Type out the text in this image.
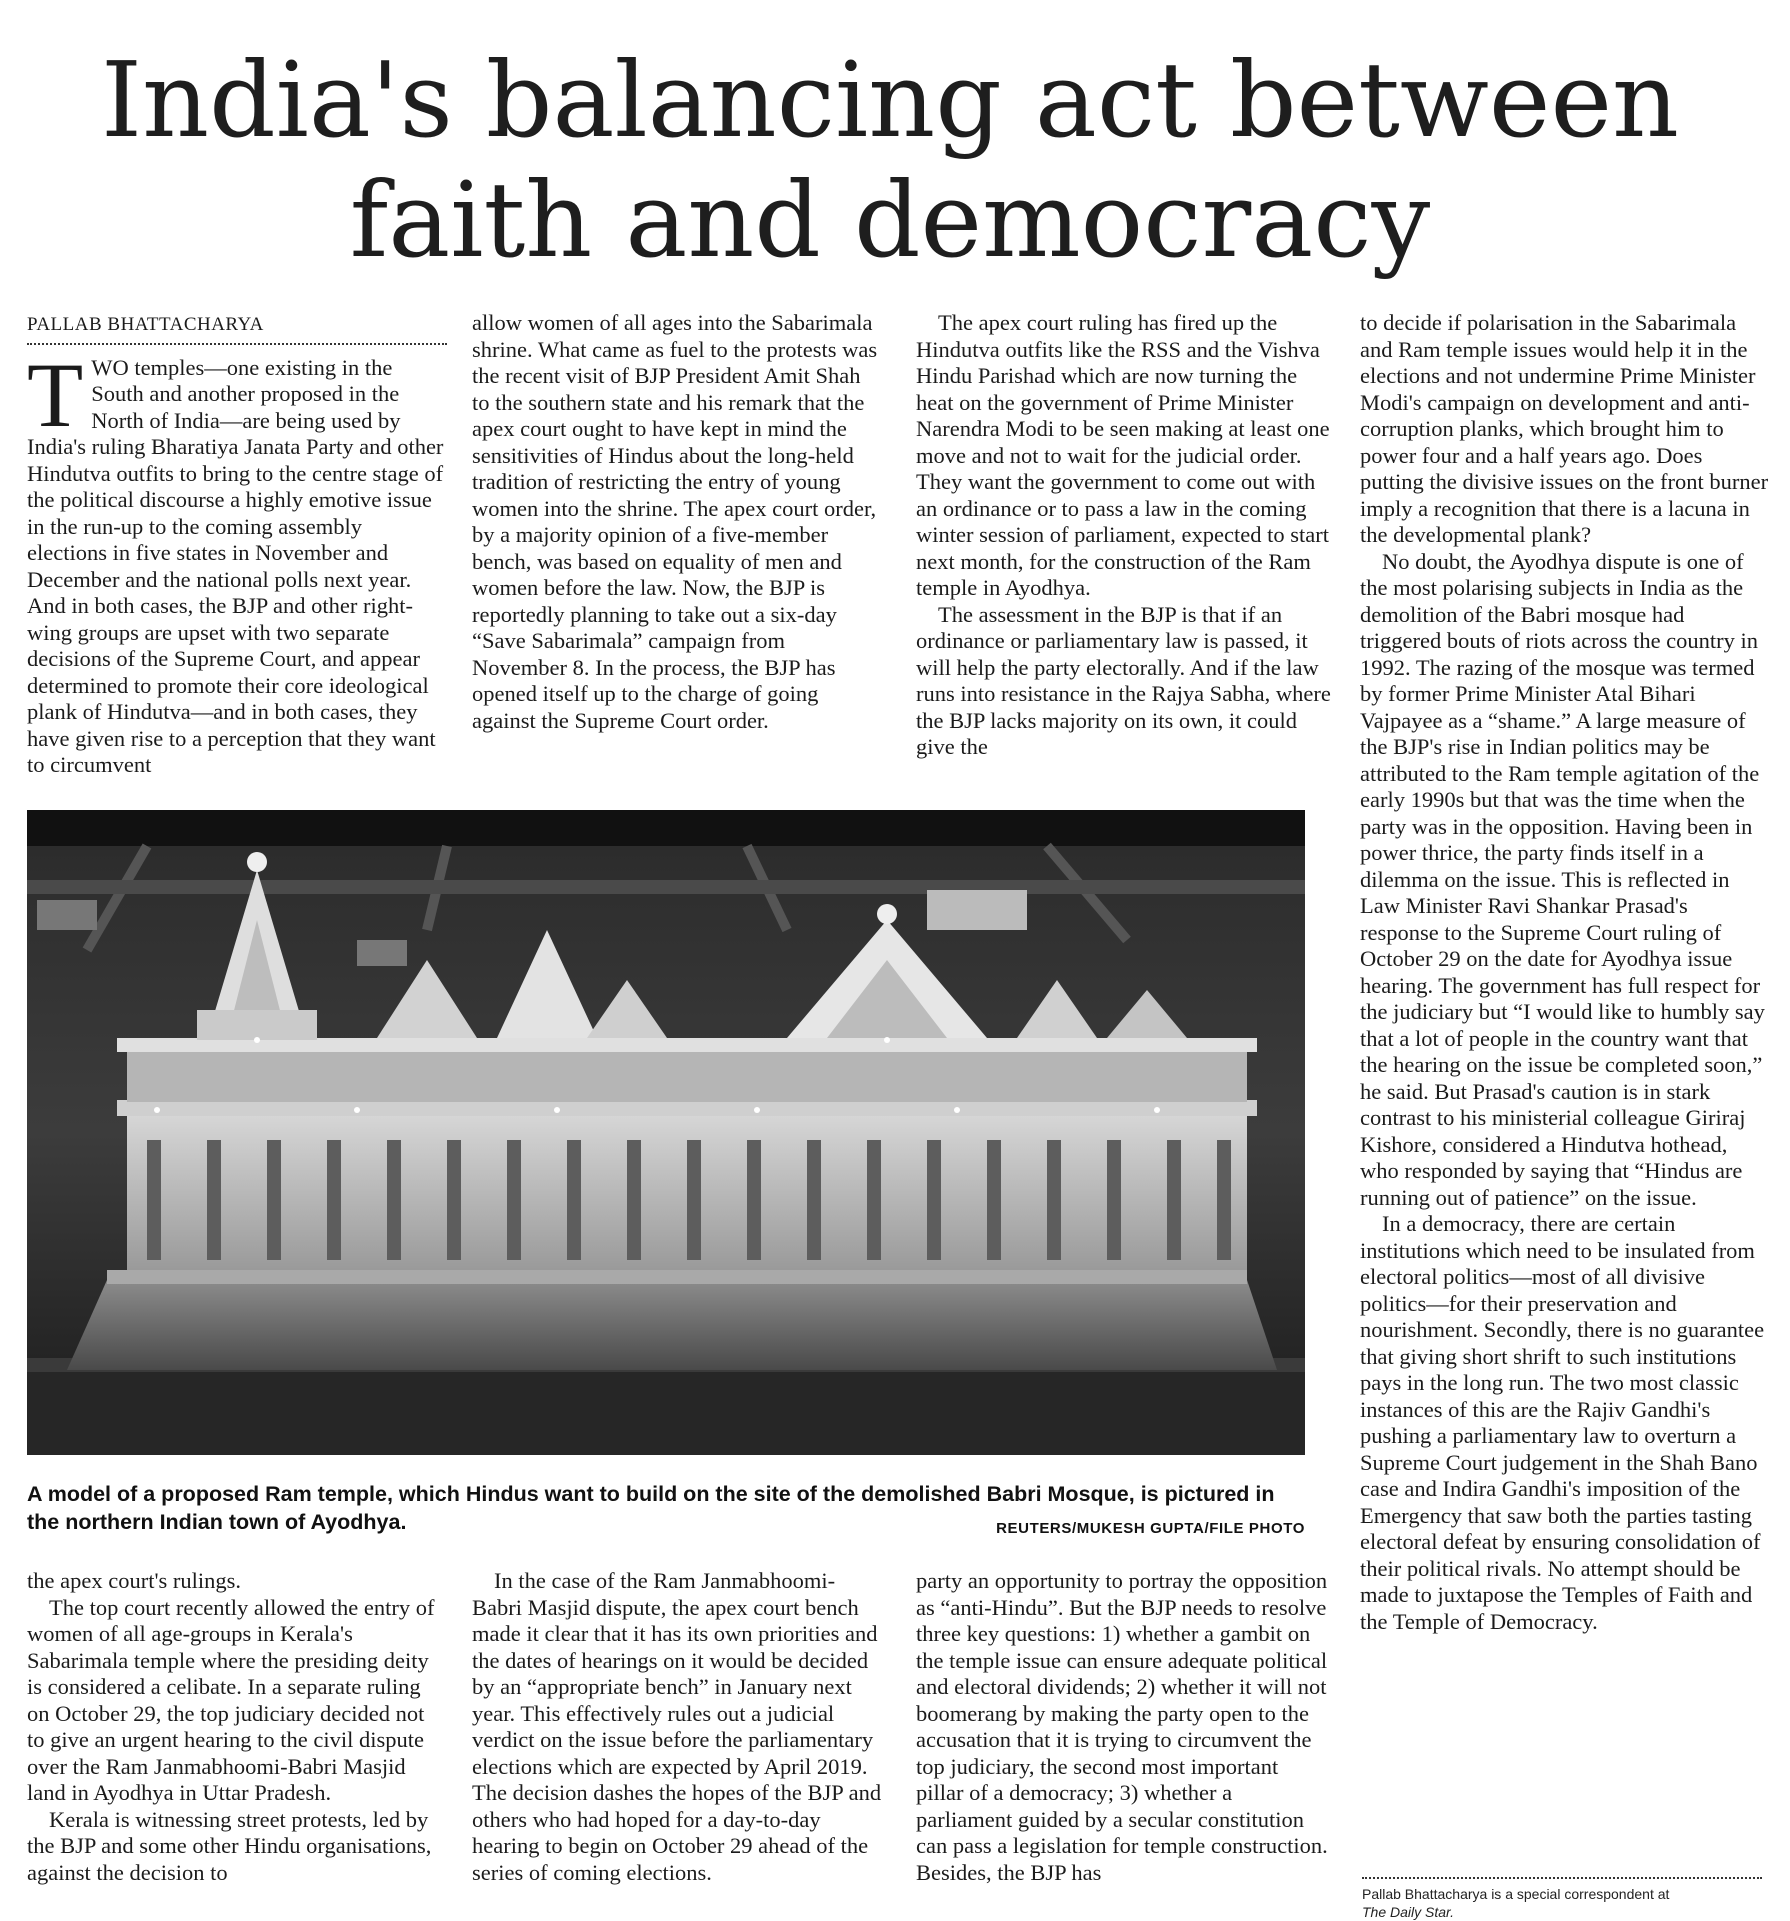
India's balancing act between
faith and democracy
PALLAB BHATTACHARYA

TWO temples—one existing in the South and another proposed in the North of India—are being used by India's ruling Bharatiya Janata Party and other Hindutva outfits to bring to the centre stage of the political discourse a highly emotive issue in the run-up to the coming assembly elections in five states in November and December and the national polls next year. And in both cases, the BJP and other right-wing groups are upset with two separate decisions of the Supreme Court, and appear determined to promote their core ideological plank of Hindutva—and in both cases, they have given rise to a perception that they want to circumvent

allow women of all ages into the Sabarimala shrine. What came as fuel to the protests was the recent visit of BJP President Amit Shah to the southern state and his remark that the apex court ought to have kept in mind the sensitivities of Hindus about the long-held tradition of restricting the entry of young women into the shrine. The apex court order, by a majority opinion of a five-member bench, was based on equality of men and women before the law. Now, the BJP is reportedly planning to take out a six-day “Save Sabarimala” campaign from November 8. In the process, the BJP has opened itself up to the charge of going against the Supreme Court order.

The apex court ruling has fired up the Hindutva outfits like the RSS and the Vishva Hindu Parishad which are now turning the heat on the government of Prime Minister Narendra Modi to be seen making at least one move and not to wait for the judicial order. They want the government to come out with an ordinance or to pass a law in the coming winter session of parliament, expected to start next month, for the construction of the Ram temple in Ayodhya.

The assessment in the BJP is that if an ordinance or parliamentary law is passed, it will help the party electorally. And if the law runs into resistance in the Rajya Sabha, where the BJP lacks majority on its own, it could give the

to decide if polarisation in the Sabarimala and Ram temple issues would help it in the elections and not undermine Prime Minister Modi's campaign on development and anti-corruption planks, which brought him to power four and a half years ago. Does putting the divisive issues on the front burner imply a recognition that there is a lacuna in the developmental plank?

No doubt, the Ayodhya dispute is one of the most polarising subjects in India as the demolition of the Babri mosque had triggered bouts of riots across the country in 1992. The razing of the mosque was termed by former Prime Minister Atal Bihari Vajpayee as a “shame.” A large measure of the BJP's rise in Indian politics may be attributed to the Ram temple agitation of the early 1990s but that was the time when the party was in the opposition. Having been in power thrice, the party finds itself in a dilemma on the issue. This is reflected in Law Minister Ravi Shankar Prasad's response to the Supreme Court ruling of October 29 on the date for Ayodhya issue hearing. The government has full respect for the judiciary but “I would like to humbly say that a lot of people in the country want that the hearing on the issue be completed soon,” he said. But Prasad's caution is in stark contrast to his ministerial colleague Giriraj Kishore, considered a Hindutva hothead, who responded by saying that “Hindus are running out of patience” on the issue.

In a democracy, there are certain institutions which need to be insulated from electoral politics—most of all divisive politics—for their preservation and nourishment. Secondly, there is no guarantee that giving short shrift to such institutions pays in the long run. The two most classic instances of this are the Rajiv Gandhi's pushing a parliamentary law to overturn a Supreme Court judgement in the Shah Bano case and Indira Gandhi's imposition of the Emergency that saw both the parties tasting electoral defeat by ensuring consolidation of their political rivals. No attempt should be made to juxtapose the Temples of Faith and the Temple of Democracy.

A model of a proposed Ram temple, which Hindus want to build on the site of the demolished Babri Mosque, is pictured in the northern Indian town of Ayodhya.	REUTERS/MUKESH GUPTA/FILE PHOTO

the apex court's rulings.

The top court recently allowed the entry of women of all age-groups in Kerala's Sabarimala temple where the presiding deity is considered a celibate. In a separate ruling on October 29, the top judiciary decided not to give an urgent hearing to the civil dispute over the Ram Janmabhoomi-Babri Masjid land in Ayodhya in Uttar Pradesh.

Kerala is witnessing street protests, led by the BJP and some other Hindu organisations, against the decision to

In the case of the Ram Janmabhoomi-Babri Masjid dispute, the apex court bench made it clear that it has its own priorities and the dates of hearings on it would be decided by an “appropriate bench” in January next year. This effectively rules out a judicial verdict on the issue before the parliamentary elections which are expected by April 2019. The decision dashes the hopes of the BJP and others who had hoped for a day-to-day hearing to begin on October 29 ahead of the series of coming elections.

party an opportunity to portray the opposition as “anti-Hindu”. But the BJP needs to resolve three key questions: 1) whether a gambit on the temple issue can ensure adequate political and electoral dividends; 2) whether it will not boomerang by making the party open to the accusation that it is trying to circumvent the top judiciary, the second most important pillar of a democracy; 3) whether a parliament guided by a secular constitution can pass a legislation for temple construction. Besides, the BJP has

Pallab Bhattacharya is a special correspondent at
The Daily Star.
